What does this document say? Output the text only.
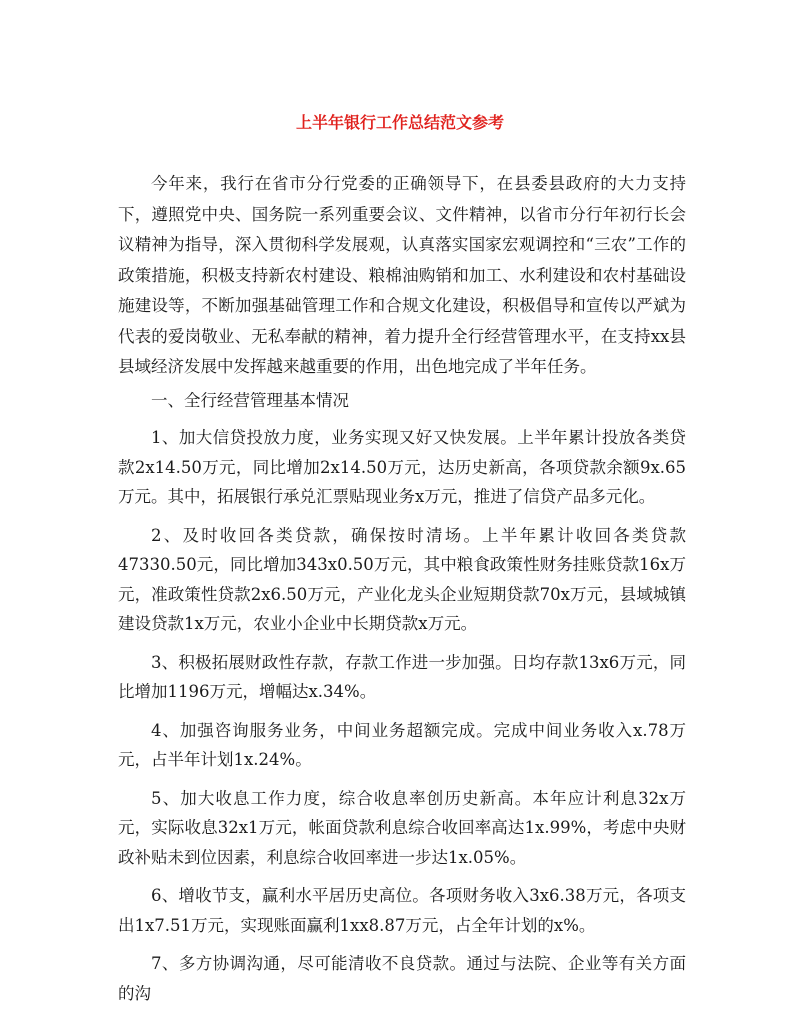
上半年银行工作总结范文参考

今年来，我行在省市分行党委的正确领导下，在县委县政府的大力支持下，遵照党中央、国务院一系列重要会议、文件精神，以省市分行年初行长会议精神为指导，深入贯彻科学发展观，认真落实国家宏观调控和“三农”工作的政策措施，积极支持新农村建设、粮棉油购销和加工、水利建设和农村基础设施建设等，不断加强基础管理工作和合规文化建设，积极倡导和宣传以严斌为代表的爱岗敬业、无私奉献的精神，着力提升全行经营管理水平，在支持xx县县域经济发展中发挥越来越重要的作用，出色地完成了半年任务。

一、全行经营管理基本情况

1、加大信贷投放力度，业务实现又好又快发展。上半年累计投放各类贷款2x14.50万元，同比增加2x14.50万元，达历史新高，各项贷款余额9x.65万元。其中，拓展银行承兑汇票贴现业务x万元，推进了信贷产品多元化。

2、及时收回各类贷款，确保按时清场。上半年累计收回各类贷款47330.50元，同比增加343x0.50万元，其中粮食政策性财务挂账贷款16x万元，准政策性贷款2x6.50万元，产业化龙头企业短期贷款70x万元，县域城镇建设贷款1x万元，农业小企业中长期贷款x万元。

3、积极拓展财政性存款，存款工作进一步加强。日均存款13x6万元，同比增加1196万元，增幅达x.34%。

4、加强咨询服务业务，中间业务超额完成。完成中间业务收入x.78万元，占半年计划1x.24%。

5、加大收息工作力度，综合收息率创历史新高。本年应计利息32x万元，实际收息32x1万元，帐面贷款利息综合收回率高达1x.99%，考虑中央财政补贴未到位因素，利息综合收回率进一步达1x.05%。

6、增收节支，赢利水平居历史高位。各项财务收入3x6.38万元，各项支出1x7.51万元，实现账面赢利1xx8.87万元，占全年计划的x%。

7、多方协调沟通，尽可能清收不良贷款。通过与法院、企业等有关方面的沟
